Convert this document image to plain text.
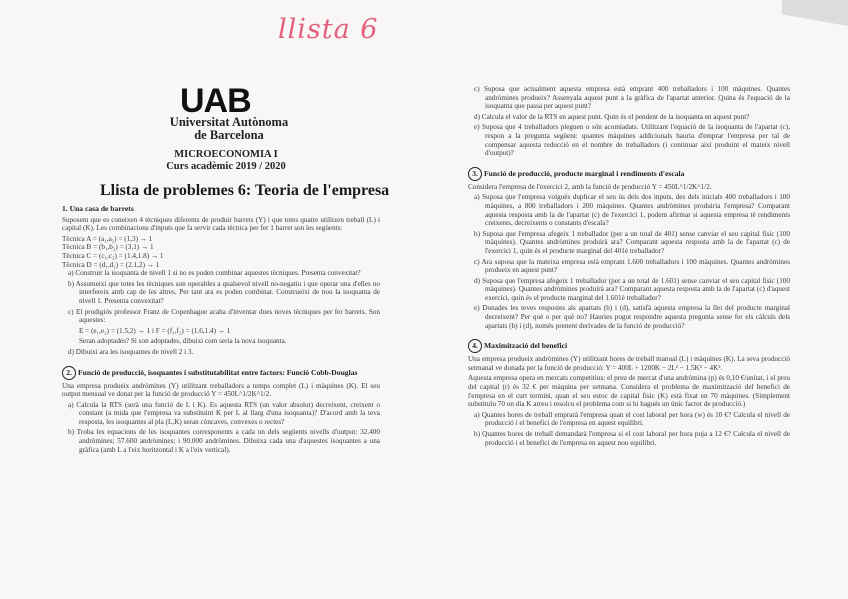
llista 6
UAB
Universitat Autònoma de Barcelona
MICROECONOMIA I
Curs acadèmic 2019 / 2020
Llista de problemes 6: Teoria de l'empresa
1. Una casa de barrets
Suposem que es coneixen 4 tècniques diferents de produir barrets (Y) i que totes quatre utilitzen treball (L) i capital (K). Les combinacions d'inputs que fa servir cada tècnica per fer 1 barret son les següents:
Tècnica A = (a₁,a₂) = (1,3) → 1
Tècnica B = (b₁,b₂) = (3,1) → 1
Tècnica C = (c₁,c₂) = (1.4,1.8) → 1
Tècnica D = (d₁,d₂) = (2.1,2) → 1
a) Construir la isoquanta de nivell 1 si no es poden combinar aquestes tècniques. Presenta convexitat?
b) Assumeixi que totes les tècniques son operables a qualsevol nivell no-negatiu i que operar una d'elles no interfereix amb cap de les altres. Per tant ara es poden combinar. Construeixi de nou la isoquanta de nivell 1. Presenta convexitat?
c) El prodigiós professor Franz de Copenhague acaba d'inventar dues noves tècniques per fer barrets. Son aquestes:
E = (e₁,e₂) = (1.5,2) → 1 i F = (f₁,f₂) = (1.6,1.4) → 1
Seran adoptades? Si son adoptades, dibuixi com seria la nova isoquanta.
d) Dibuixi ara les isoquantes de nivell 2 i 3.
2. Funció de producció, isoquantes i substitutabilitat entre factors: Funció Cobb-Douglas
Una empresa produeix andròmines (Y) utilitzant treballadors a temps complet (L) i màquines (K). El seu output mensual ve donat per la funció de producció Y = 450L^1/2K^1/2.
a) Calcula la RTS (serà una funció de L i K). Es aquesta RTS (un valor absolut) decreixent, creixent o constant (a mida que l'empresa va substituint K per L al llarg d'una isoquanta)? D'acord amb la teva resposta, les isoquantes al pla (L,K) seran còncaves, convexes o rectes?
b) Troba les equacions de les isoquantes corresponents a cada un dels següents nivells d'output: 32.400 andròmines; 57.600 andròmines; i 90.000 andròmines. Dibuixa cada una d'aquestes isoquantes a una gràfica (amb L a l'eix horitzontal i K a l'eix vertical).
c) Suposa que actualment aquesta empresa està emprant 400 treballadors i 100 màquines. Quantes andròmines produeix? Assenyala aquest punt a la gràfica de l'apartat anterior. Quina és l'equació de la isoquanta que passa per aquest punt?
d) Calcula el valor de la RTS en aquest punt. Quin és el pendent de la isoquanta en aquest punt?
e) Suposa que 4 treballadors pleguen o són acomiadats. Utilitzant l'equació de la isoquanta de l'apartat (c), respon a la pregunta següent: quantes màquines addicionals hauria d'emprar l'empresa per tal de compensar aquesta reducció en el nombre de treballadors (i continuar així produint el mateix nivell d'output)?
3. Funció de producció, producte marginal i rendiments d'escala
Considera l'empresa de l'exercici 2, amb la funció de producció Y = 450L^1/2K^1/2.
a) Suposa que l'empresa volgués duplicar el seu ús dels dos inputs, des dels inicials 400 treballadors i 100 màquines, a 800 treballadors i 200 màquines. Quantes andròmines produiria l'empresa? Comparant aquesta resposta amb la de l'apartat (c) de l'exercici 1, podem afirmar si aquesta empresa té rendiments creixents, decreixents o constants d'escala?
b) Suposa que l'empresa afegeix 1 treballador (per a un total de 401) sense canviar el seu capital físic (100 màquines). Quantes andròmines produirà ara? Comparant aquesta resposta amb la de l'apartat (c) de l'exercici 1, quin és el producte marginal del 401è treballador?
c) Ara suposa que la mateixa empresa està emprant 1.600 treballadors i 100 màquines. Quantes andròmines produeix en aquest punt?
d) Suposa que l'empresa afegeix 1 treballador (per a un total de 1.601) sense canviar el seu capital físic (100 màquines). Quantes andròmines produirà ara? Comparant aquesta resposta amb la de l'apartat (c) d'aquest exercici, quin és el producte marginal del 1.601è treballador?
e) Donades les teves respostes als apartats (b) i (d), satisfà aquesta empresa la llei del producte marginal decreixent? Per què o per què no? Hauries pogut respondre aquesta pregunta sense fer els càlculs dels apartats (b) i (d), només prenent derivades de la funció de producció?
4. Maximització del benefici
Una empresa produeix andròmines (Y) utilitzant hores de treball manual (L) i màquines (K). La seva producció setmanal ve donada per la funció de producció: Y = 400L + 1200K − 2L² − 1.5K² − 4K².
Aquesta empresa opera en mercats competitius: el preu de mercat d'una andròmina (p) és 0,10 €/unitat, i el preu del capital (r) és 32 € per màquina per setmana. Considera el problema de maximització del benefici de l'empresa en el curt termini, quan el seu estoc de capital físic (K) està fixat en 70 màquines. (Simplement substituïu 70 on dia K arreu i resolcu el problema com si hi hagués un únic factor de producció.)
a) Quantes hores de treball emprarà l'empresa quan el cost laboral per hora (w) és 10 €? Calcula el nivell de producció i el benefici de l'empresa en aquest equilibri.
b) Quantes hores de treball demandarà l'empresa si el cost laboral per hora puja a 12 €? Calcula el nivell de producció i el benefici de l'empresa en aquest nou equilibri.
